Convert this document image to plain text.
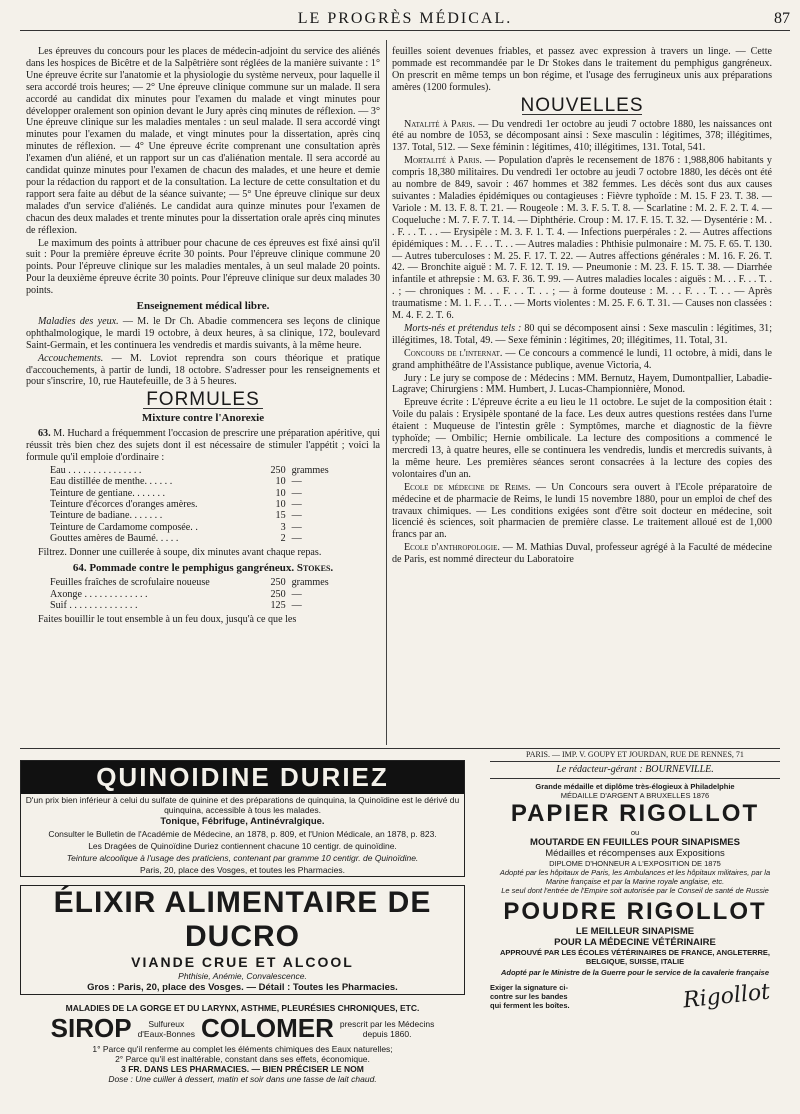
LE PROGRÈS MÉDICAL.	87

Les épreuves du concours pour les places de médecin-adjoint du service des aliénés dans les hospices de Bicêtre et de la Salpêtrière sont réglées de la manière suivante : 1° Une épreuve écrite sur l'anatomie et la physiologie du système nerveux, pour laquelle il sera accordé trois heures; — 2° Une épreuve clinique commune sur un malade. Il sera accordé au candidat dix minutes pour l'examen du malade et vingt minutes pour développer oralement son opinion devant le Jury après cinq minutes de réflexion. — 3° Une épreuve clinique sur les maladies mentales : un seul malade. Il sera accordé vingt minutes pour l'examen du malade, et vingt minutes pour la dissertation, après cinq minutes de réflexion. — 4° Une épreuve écrite comprenant une consultation après l'examen d'un aliéné, et un rapport sur un cas d'aliénation mentale. Il sera accordé au candidat quinze minutes pour l'examen de chacun des malades, et une heure et demie pour la rédaction du rapport et de la consultation. La lecture de cette consultation et du rapport sera faite au début de la séance suivante; — 5° Une épreuve clinique sur deux malades d'un service d'aliénés. Le candidat aura quinze minutes pour l'examen de chacun des deux malades et trente minutes pour la dissertation orale après cinq minutes de réflexion.

Le maximum des points à attribuer pour chacune de ces épreuves est fixé ainsi qu'il suit : Pour la première épreuve écrite 30 points. Pour l'épreuve clinique commune 20 points. Pour l'épreuve clinique sur les maladies mentales, à un seul malade 20 points. Pour la deuxième épreuve écrite 30 points. Pour l'épreuve clinique sur deux malades 30 points.

Enseignement médical libre.

Maladies des yeux. — M. le Dr Ch. Abadie commencera ses leçons de clinique ophthalmologique, le mardi 19 octobre, à deux heures, à sa clinique, 172, boulevard Saint-Germain, et les continuera les vendredis et mardis suivants, à la même heure.

Accouchements. — M. Loviot reprendra son cours théorique et pratique d'accouchements, à partir de lundi, 18 octobre. S'adresser pour les renseignements et pour s'inscrire, 10, rue Hautefeuille, de 3 à 5 heures.

FORMULES
Mixture contre l'Anorexie

63. M. Huchard a fréquemment l'occasion de prescrire une préparation apéritive, qui réussit très bien chez des sujets dont il est nécessaire de stimuler l'appétit ; voici la formule qu'il emploie d'ordinaire :

Eau . . . . . . . . . . . . . . .	250 grammes
Eau distillée de menthe. . . . . .	10 —
Teinture de gentiane. . . . . . .	10 —
Teinture d'écorces d'oranges amères.	10 —
Teinture de badiane. . . . . . .	15 —
Teinture de Cardamome composée. .	3 —
Gouttes amères de Baumé. . . . .	2 —

Filtrez. Donner une cuillerée à soupe, dix minutes avant chaque repas.

64. Pommade contre le pemphigus gangréneux. Stokes.
Feuilles fraîches de scrofulaire noueuse	250 grammes
Axonge . . . . . . . . . . . . .	250 —
Suif . . . . . . . . . . . . . .	125 —

Faites bouillir le tout ensemble à un feu doux, jusqu'à ce que les

feuilles soient devenues friables, et passez avec expression à travers un linge. — Cette pommade est recommandée par le Dr Stokes dans le traitement du pemphigus gangréneux. On prescrit en même temps un bon régime, et l'usage des ferrugineux unis aux préparations amères (1200 formules).

NOUVELLES

Natalité à Paris. — Du vendredi 1er octobre au jeudi 7 octobre 1880, les naissances ont été au nombre de 1053, se décomposant ainsi : Sexe masculin : légitimes, 378; illégitimes, 137. Total, 512. — Sexe féminin : légitimes, 410; illégitimes, 131. Total, 541.

Mortalité à Paris. — Population d'après le recensement de 1876 : 1,988,806 habitants y compris 18,380 militaires. Du vendredi 1er octobre au jeudi 7 octobre 1880, les décès ont été au nombre de 849, savoir : 467 hommes et 382 femmes. Les décès sont dus aux causes suivantes : Maladies épidémiques ou contagieuses : Fièvre typhoïde : M. 15. F 23. T. 38. — Variole : M. 13. F. 8. T. 21. — Rougeole : M. 3. F. 5. T. 8. — Scarlatine : M. 2. F. 2. T. 4. — Coqueluche : M. 7. F. 7. T. 14. — Diphthérie. Croup : M. 17. F. 15. T. 32. — Dysentérie : M. . . F. . . T. . . — Erysipèle : M. 3. F. 1. T. 4. — Infections puerpérales : 2. — Autres affections épidémiques : M. . . F. . . T. . . — Autres maladies : Phthisie pulmonaire : M. 75. F. 65. T. 130. — Autres tuberculoses : M. 25. F. 17. T. 22. — Autres affections générales : M. 16. F. 26. T. 42. — Bronchite aiguë : M. 7. F. 12. T. 19. — Pneumonie : M. 23. F. 15. T. 38. — Diarrhée infantile et athrepsie : M. 63. F. 36. T. 99. — Autres maladies locales : aiguës : M. . . F. . . T. . . ; — chroniques : M. . . F. . . T. . . ; — à forme douteuse : M. . . F. . . T. . . — Après traumatisme : M. 1. F. . . T. . . — Morts violentes : M. 25. F. 6. T. 31. — Causes non classées : M. 4. F. 2. T. 6.

Morts-nés et prétendus tels : 80 qui se décomposent ainsi : Sexe masculin : légitimes, 31; illégitimes, 18. Total, 49. — Sexe féminin : légitimes, 20; illégitimes, 11. Total, 31.

Concours de l'internat. — Ce concours a commencé le lundi, 11 octobre, à midi, dans le grand amphithéâtre de l'Assistance publique, avenue Victoria, 4.

Jury : Le jury se compose de : Médecins : MM. Bernutz, Hayem, Dumontpallier, Labadie-Lagrave; Chirurgiens : MM. Humbert, J. Lucas-Championnière, Monod.

Epreuve écrite : L'épreuve écrite a eu lieu le 11 octobre. Le sujet de la composition était : Voile du palais : Erysipèle spontané de la face. Les deux autres questions restées dans l'urne étaient : Muqueuse de l'intestin grêle : Symptômes, marche et diagnostic de la fièvre typhoïde; — Ombilic; Hernie ombilicale. La lecture des compositions a commencé le mercredi 13, à quatre heures, elle se continuera les vendredis, lundis et mercredis suivants, à la même heure. Les premières séances seront consacrées à la lecture des copies des volontaires d'un an.

Ecole de médecine de Reims. — Un Concours sera ouvert à l'Ecole préparatoire de médecine et de pharmacie de Reims, le lundi 15 novembre 1880, pour un emploi de chef des travaux chimiques. — Les conditions exigées sont d'être soit docteur en médecine, soit licencié ès sciences, soit pharmacien de première classe. Le traitement alloué est de 1,000 francs par an.

Ecole d'anthropologie. — M. Mathias Duval, professeur agrégé à la Faculté de médecine de Paris, est nommé directeur du Laboratoire

QUINOIDINE DURIEZ
D'un prix bien inférieur à celui du sulfate de quinine et des préparations de quinquina, la Quinoïdine est le dérivé du quinquina, accessible à tous les malades.
Tonique, Fébrifuge, Antinévralgique.
Consulter le Bulletin de l'Académie de Médecine, an 1878, p. 809, et l'Union Médicale, an 1878, p. 823.
Les Dragées de Quinoïdine Duriez contiennent chacune 10 centigr. de quinoïdine.
Teinture alcoolique à l'usage des praticiens, contenant par gramme 10 centigr. de Quinoïdine.
Paris, 20, place des Vosges, et toutes les Pharmacies.
ÉLIXIR ALIMENTAIRE DE DUCRO
VIANDE CRUE ET ALCOOL
Phthisie, Anémie, Convalescence.
Gros : Paris, 20, place des Vosges. — Détail : Toutes les Pharmacies.
MALADIES DE LA GORGE ET DU LARYNX, ASTHME, PLEURÉSIES CHRONIQUES, ETC.
SIROP	Sulfureux
d'Eaux-Bonnes COLOMER prescrit par les Médecins
depuis 1860.
1° Parce qu'il renferme au complet les éléments chimiques des Eaux naturelles;
2° Parce qu'il est inaltérable, constant dans ses effets, économique.
3 FR. DANS LES PHARMACIES. — BIEN PRÉCISER LE NOM
Dose : Une cuiller à dessert, matin et soir dans une tasse de lait chaud.
PARIS. — IMP. V. GOUPY ET JOURDAN, RUE DE RENNES, 71
Le rédacteur-gérant : BOURNEVILLE.
Grande médaille et diplôme très-élogieux à Philadelphie
MÉDAILLE D'ARGENT A BRUXELLES 1876
PAPIER RIGOLLOT
ou
MOUTARDE EN FEUILLES POUR SINAPISMES
Médailles et récompenses aux Expositions
DIPLOME D'HONNEUR A L'EXPOSITION DE 1875
Adopté par les hôpitaux de Paris, les Ambulances et les hôpitaux militaires, par la Marine française et par la Marine royale anglaise, etc.
Le seul dont l'entrée de l'Empire soit autorisée par le Conseil de santé de Russie
POUDRE RIGOLLOT
LE MEILLEUR SINAPISME
POUR LA MÉDECINE VÉTÉRINAIRE
APPROUVÉ PAR LES ÉCOLES VÉTÉRINAIRES DE FRANCE, ANGLETERRE, BELGIQUE, SUISSE, ITALIE
Adopté par le Ministre de la Guerre pour le service de la cavalerie française
Exiger la signature ci-contre sur les bandes qui ferment les boîtes.	Rigollot
